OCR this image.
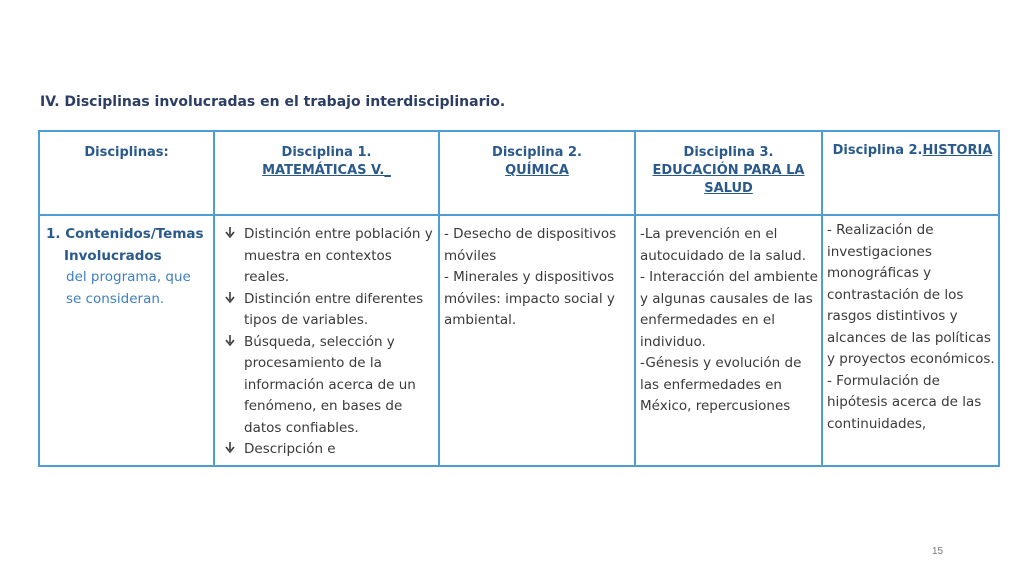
IV. Disciplinas involucradas en el trabajo interdisciplinario.
Disciplinas:	Disciplina 1.
MATEMÁTICAS V._
Disciplina 2.
QUÍMICA
Disciplina 3.
EDUCACIÓN PARA LA
SALUD
Disciplina 2.HISTORIA
1. Contenidos/Temas
Involucrados
del programa, que
se consideran.
Distinción entre población y muestra en contextos reales.
Distinción entre diferentes tipos de variables.
Búsqueda, selección y procesamiento de la información acerca de un fenómeno, en bases de datos confiables.
Descripción e
- Desecho de dispositivos móviles
- Minerales y dispositivos móviles: impacto social y ambiental.
-La prevención en el autocuidado de la salud.
- Interacción del ambiente y algunas causales de las enfermedades en el individuo.
-Génesis y evolución de las enfermedades en México, repercusiones
- Realización de investigaciones monográficas y contrastación de los rasgos distintivos y alcances de las políticas y proyectos económicos.
- Formulación de hipótesis acerca de las continuidades,
15
